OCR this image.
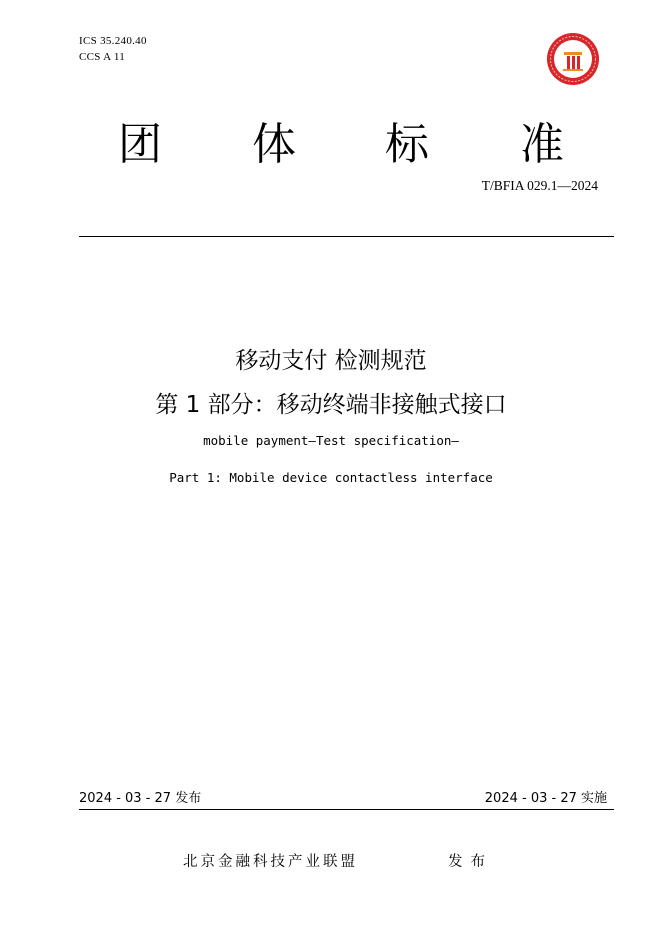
ICS 35.240.40
CCS A 11
团 体 标 准
T/BFIA 029.1—2024
移动支付 检测规范
第 1 部分：移动终端非接触式接口
mobile payment—Test specification—
Part 1: Mobile device contactless interface
2024 - 03 - 27 发布	2024 - 03 - 27 实施
北京金融科技产业联盟	发布
